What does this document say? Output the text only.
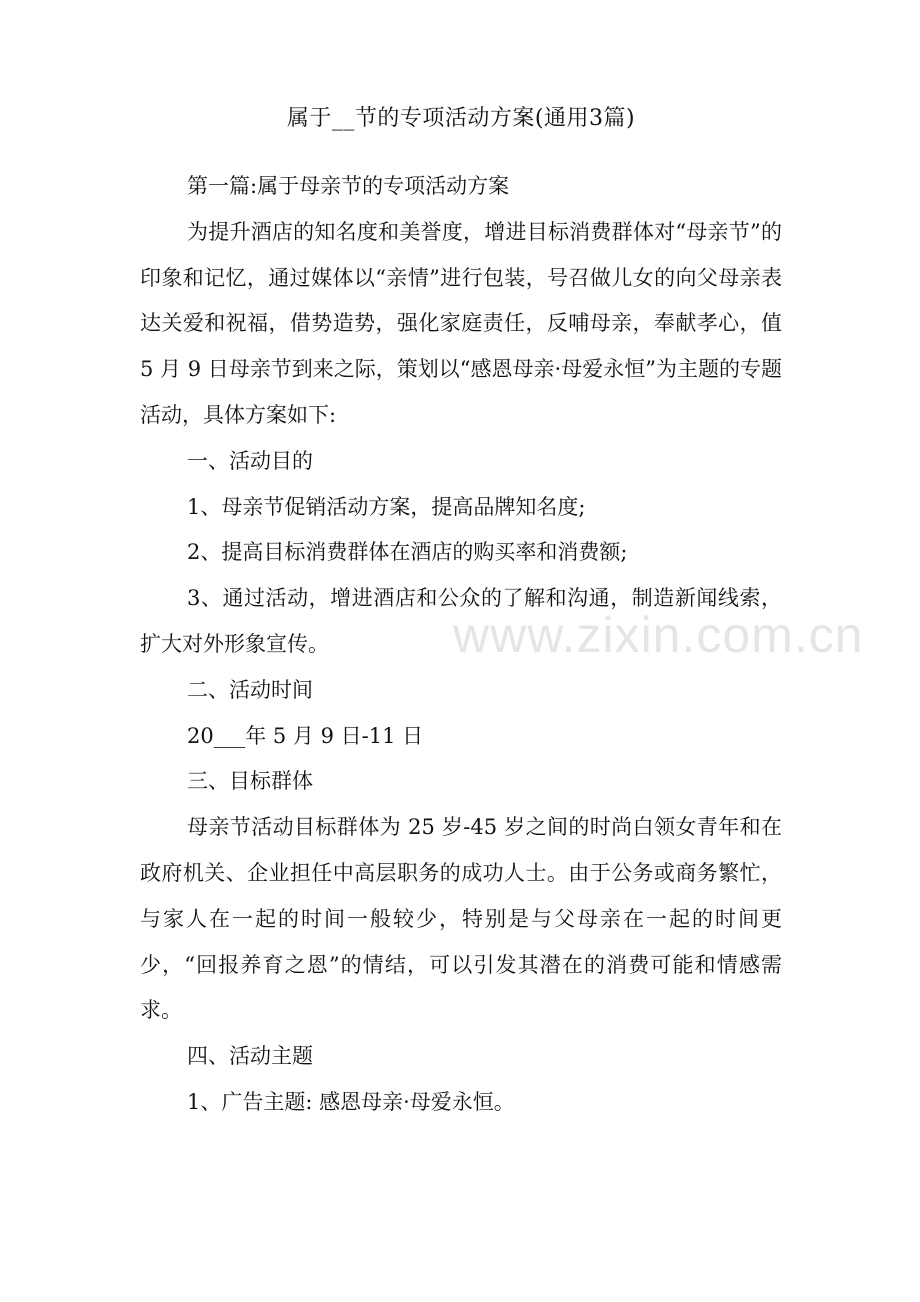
属于__节的专项活动方案(通用3篇)

第一篇:属于母亲节的专项活动方案

为提升酒店的知名度和美誉度，增进目标消费群体对“母亲节”的印象和记忆，通过媒体以“亲情”进行包装，号召做儿女的向父母亲表达关爱和祝福，借势造势，强化家庭责任，反哺母亲，奉献孝心，值 5 月 9 日母亲节到来之际，策划以“感恩母亲·母爱永恒”为主题的专题活动，具体方案如下:

一、活动目的

1、母亲节促销活动方案，提高品牌知名度;

2、提高目标消费群体在酒店的购买率和消费额;

3、通过活动，增进酒店和公众的了解和沟通，制造新闻线索，扩大对外形象宣传。

二、活动时间

20___年 5 月 9 日-11 日

三、目标群体

母亲节活动目标群体为 25 岁-45 岁之间的时尚白领女青年和在政府机关、企业担任中高层职务的成功人士。由于公务或商务繁忙，与家人在一起的时间一般较少，特别是与父母亲在一起的时间更少，“回报养育之恩”的情结，可以引发其潜在的消费可能和情感需求。

四、活动主题

1、广告主题: 感恩母亲·母爱永恒。

www.zixin.com.cn
